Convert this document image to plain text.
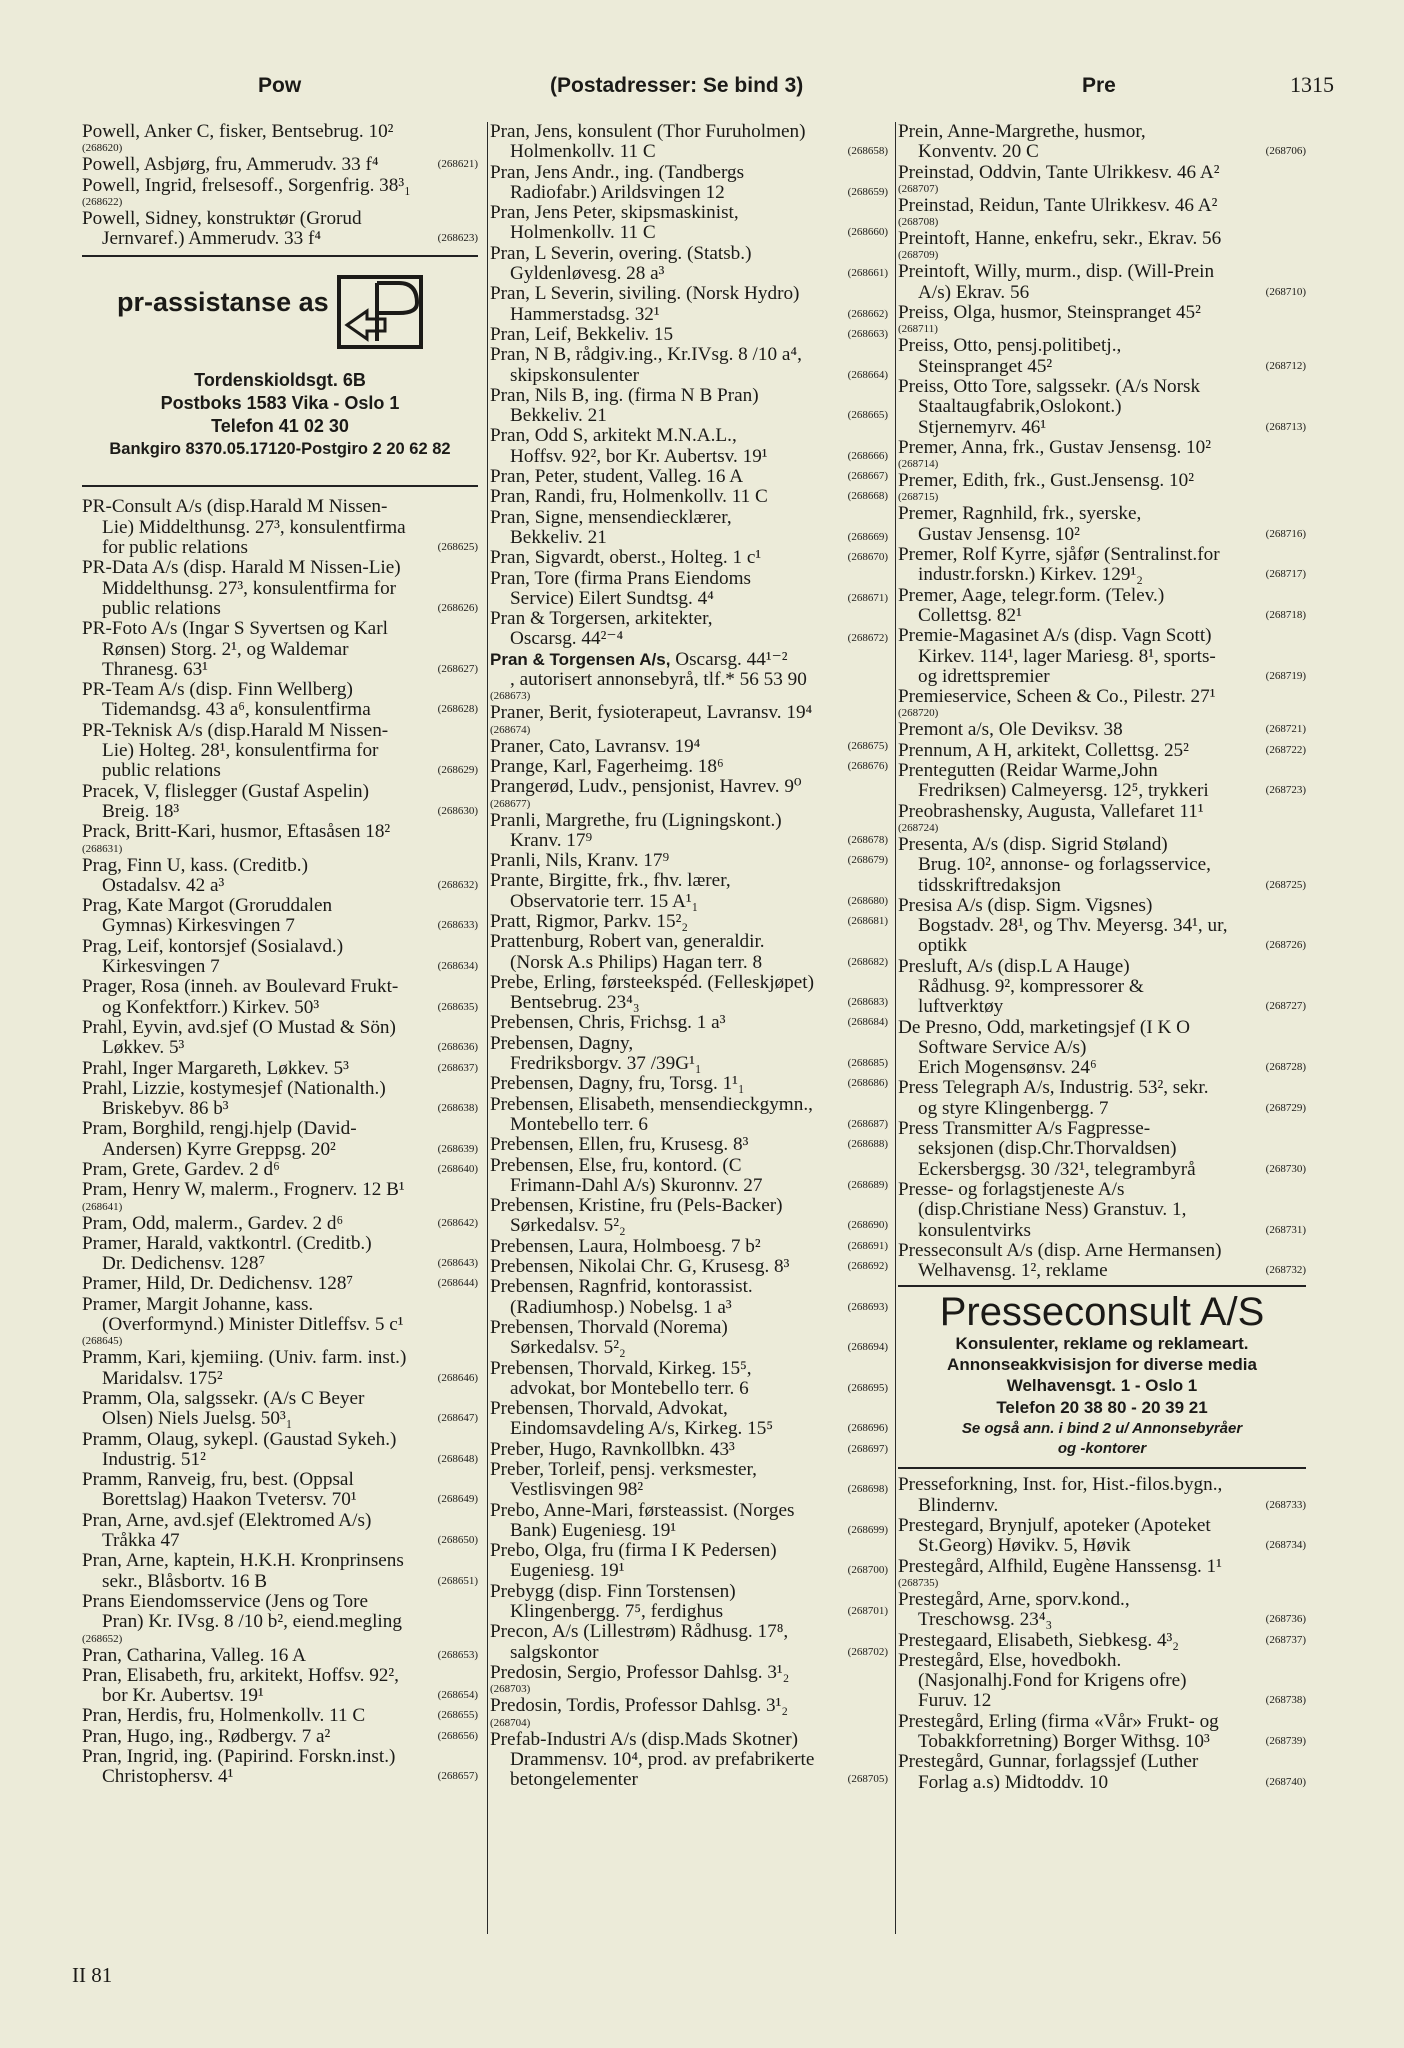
Pow	(Postadresser: Se bind 3)	Pre	1315
Powell, Anker C, fisker, Bentsebrug. 10²
(268620)
Powell, Asbjørg, fru, Ammerudv. 33 f⁴	(268621)
Powell, Ingrid, frelsesoff., Sorgenfrig. 38³₁
(268622)
Powell, Sidney, konstruktør (Grorud
Jernvaref.) Ammerudv. 33 f⁴	(268623)
pr-assistanse as
Tordenskioldsgt. 6B
Postboks 1583 Vika - Oslo 1
Telefon 41 02 30
Bankgiro 8370.05.17120-Postgiro 2 20 62 82
PR-Consult A/s (disp.Harald M Nissen-
Lie) Middelthunsg. 27³, konsulentfirma
for public relations	(268625)
PR-Data A/s (disp. Harald M Nissen-Lie)
Middelthunsg. 27³, konsulentfirma for
public relations	(268626)
PR-Foto A/s (Ingar S Syvertsen og Karl
Rønsen) Storg. 2¹, og Waldemar
Thranesg. 63¹	(268627)
PR-Team A/s (disp. Finn Wellberg)
Tidemandsg. 43 a⁶, konsulentfirma	(268628)
PR-Teknisk A/s (disp.Harald M Nissen-
Lie) Holteg. 28¹, konsulentfirma for
public relations	(268629)
Pracek, V, flislegger (Gustaf Aspelin)
Breig. 18³	(268630)
Prack, Britt-Kari, husmor, Eftasåsen 18²
(268631)
Prag, Finn U, kass. (Creditb.)
Ostadalsv. 42 a³	(268632)
Prag, Kate Margot (Groruddalen
Gymnas) Kirkesvingen 7	(268633)
Prag, Leif, kontorsjef (Sosialavd.)
Kirkesvingen 7	(268634)
Prager, Rosa (inneh. av Boulevard Frukt-
og Konfektforr.) Kirkev. 50³	(268635)
Prahl, Eyvin, avd.sjef (O Mustad & Sön)
Løkkev. 5³	(268636)
Prahl, Inger Margareth, Løkkev. 5³	(268637)
Prahl, Lizzie, kostymesjef (Nationalth.)
Briskebyv. 86 b³	(268638)
Pram, Borghild, rengj.hjelp (David-
Andersen) Kyrre Greppsg. 20²	(268639)
Pram, Grete, Gardev. 2 d⁶	(268640)
Pram, Henry W, malerm., Frognerv. 12 B¹
(268641)
Pram, Odd, malerm., Gardev. 2 d⁶	(268642)
Pramer, Harald, vaktkontrl. (Creditb.)
Dr. Dedichensv. 128⁷	(268643)
Pramer, Hild, Dr. Dedichensv. 128⁷	(268644)
Pramer, Margit Johanne, kass.
(Overformynd.) Minister Ditleffsv. 5 c¹
(268645)
Pramm, Kari, kjemiing. (Univ. farm. inst.)
Maridalsv. 175²	(268646)
Pramm, Ola, salgssekr. (A/s C Beyer
Olsen) Niels Juelsg. 50³₁	(268647)
Pramm, Olaug, sykepl. (Gaustad Sykeh.)
Industrig. 51²	(268648)
Pramm, Ranveig, fru, best. (Oppsal
Borettslag) Haakon Tvetersv. 70¹	(268649)
Pran, Arne, avd.sjef (Elektromed A/s)
Tråkka 47	(268650)
Pran, Arne, kaptein, H.K.H. Kronprinsens
sekr., Blåsbortv. 16 B	(268651)
Prans Eiendomsservice (Jens og Tore
Pran) Kr. IVsg. 8 /10 b², eiend.megling
(268652)
Pran, Catharina, Valleg. 16 A	(268653)
Pran, Elisabeth, fru, arkitekt, Hoffsv. 92²,
bor Kr. Aubertsv. 19¹	(268654)
Pran, Herdis, fru, Holmenkollv. 11 C	(268655)
Pran, Hugo, ing., Rødbergv. 7 a²	(268656)
Pran, Ingrid, ing. (Papirind. Forskn.inst.)
Christophersv. 4¹	(268657)
Pran, Jens, konsulent (Thor Furuholmen)
Holmenkollv. 11 C	(268658)
Pran, Jens Andr., ing. (Tandbergs
Radiofabr.) Arildsvingen 12	(268659)
Pran, Jens Peter, skipsmaskinist,
Holmenkollv. 11 C	(268660)
Pran, L Severin, overing. (Statsb.)
Gyldenløvesg. 28 a³	(268661)
Pran, L Severin, siviling. (Norsk Hydro)
Hammerstadsg. 32¹	(268662)
Pran, Leif, Bekkeliv. 15	(268663)
Pran, N B, rådgiv.ing., Kr.IVsg. 8 /10 a⁴,
skipskonsulenter	(268664)
Pran, Nils B, ing. (firma N B Pran)
Bekkeliv. 21	(268665)
Pran, Odd S, arkitekt M.N.A.L.,
Hoffsv. 92², bor Kr. Aubertsv. 19¹	(268666)
Pran, Peter, student, Valleg. 16 A	(268667)
Pran, Randi, fru, Holmenkollv. 11 C	(268668)
Pran, Signe, mensendiecklærer,
Bekkeliv. 21	(268669)
Pran, Sigvardt, oberst., Holteg. 1 c¹	(268670)
Pran, Tore (firma Prans Eiendoms
Service) Eilert Sundtsg. 4⁴	(268671)
Pran & Torgersen, arkitekter,
Oscarsg. 44²⁻⁴	(268672)
Pran & Torgensen A/s, Oscarsg. 44¹⁻²
, autorisert annonsebyrå, tlf.* 56 53 90
(268673)
Praner, Berit, fysioterapeut, Lavransv. 19⁴
(268674)
Praner, Cato, Lavransv. 19⁴	(268675)
Prange, Karl, Fagerheimg. 18⁶	(268676)
Prangerød, Ludv., pensjonist, Havrev. 9⁰
(268677)
Pranli, Margrethe, fru (Ligningskont.)
Kranv. 17⁹	(268678)
Pranli, Nils, Kranv. 17⁹	(268679)
Prante, Birgitte, frk., fhv. lærer,
Observatorie terr. 15 A¹₁	(268680)
Pratt, Rigmor, Parkv. 15²₂	(268681)
Prattenburg, Robert van, generaldir.
(Norsk A.s Philips) Hagan terr. 8	(268682)
Prebe, Erling, førsteekspéd. (Felleskjøpet)
Bentsebrug. 23⁴₃	(268683)
Prebensen, Chris, Frichsg. 1 a³	(268684)
Prebensen, Dagny,
Fredriksborgv. 37 /39G¹₁	(268685)
Prebensen, Dagny, fru, Torsg. 1¹₁	(268686)
Prebensen, Elisabeth, mensendieckgymn.,
Montebello terr. 6	(268687)
Prebensen, Ellen, fru, Krusesg. 8³	(268688)
Prebensen, Else, fru, kontord. (C
Frimann-Dahl A/s) Skuronnv. 27	(268689)
Prebensen, Kristine, fru (Pels-Backer)
Sørkedalsv. 5²₂	(268690)
Prebensen, Laura, Holmboesg. 7 b²	(268691)
Prebensen, Nikolai Chr. G, Krusesg. 8³	(268692)
Prebensen, Ragnfrid, kontorassist.
(Radiumhosp.) Nobelsg. 1 a³	(268693)
Prebensen, Thorvald (Norema)
Sørkedalsv. 5²₂	(268694)
Prebensen, Thorvald, Kirkeg. 15⁵,
advokat, bor Montebello terr. 6	(268695)
Prebensen, Thorvald, Advokat,
Eindomsavdeling A/s, Kirkeg. 15⁵	(268696)
Preber, Hugo, Ravnkollbkn. 43³	(268697)
Preber, Torleif, pensj. verksmester,
Vestlisvingen 98²	(268698)
Prebo, Anne-Mari, førsteassist. (Norges
Bank) Eugeniesg. 19¹	(268699)
Prebo, Olga, fru (firma I K Pedersen)
Eugeniesg. 19¹	(268700)
Prebygg (disp. Finn Torstensen)
Klingenbergg. 7⁵, ferdighus	(268701)
Precon, A/s (Lillestrøm) Rådhusg. 17⁸,
salgskontor	(268702)
Predosin, Sergio, Professor Dahlsg. 3¹₂
(268703)
Predosin, Tordis, Professor Dahlsg. 3¹₂
(268704)
Prefab-Industri A/s (disp.Mads Skotner)
Drammensv. 10⁴, prod. av prefabrikerte
betongelementer	(268705)
Prein, Anne-Margrethe, husmor,
Konventv. 20 C	(268706)
Preinstad, Oddvin, Tante Ulrikkesv. 46 A²
(268707)
Preinstad, Reidun, Tante Ulrikkesv. 46 A²
(268708)
Preintoft, Hanne, enkefru, sekr., Ekrav. 56
(268709)
Preintoft, Willy, murm., disp. (Will-Prein
A/s) Ekrav. 56	(268710)
Preiss, Olga, husmor, Steinspranget 45²
(268711)
Preiss, Otto, pensj.politibetj.,
Steinspranget 45²	(268712)
Preiss, Otto Tore, salgssekr. (A/s Norsk
Staaltaugfabrik,Oslokont.)
Stjernemyrv. 46¹	(268713)
Premer, Anna, frk., Gustav Jensensg. 10²
(268714)
Premer, Edith, frk., Gust.Jensensg. 10²
(268715)
Premer, Ragnhild, frk., syerske,
Gustav Jensensg. 10²	(268716)
Premer, Rolf Kyrre, sjåfør (Sentralinst.for
industr.forskn.) Kirkev. 129¹₂	(268717)
Premer, Aage, telegr.form. (Telev.)
Collettsg. 82¹	(268718)
Premie-Magasinet A/s (disp. Vagn Scott)
Kirkev. 114¹, lager Mariesg. 8¹, sports-
og idrettspremier	(268719)
Premieservice, Scheen & Co., Pilestr. 27¹
(268720)
Premont a/s, Ole Deviksv. 38	(268721)
Prennum, A H, arkitekt, Collettsg. 25²	(268722)
Prentegutten (Reidar Warme,John
Fredriksen) Calmeyersg. 12⁵, trykkeri	(268723)
Preobrashensky, Augusta, Vallefaret 11¹
(268724)
Presenta, A/s (disp. Sigrid Støland)
Brug. 10², annonse- og forlagsservice,
tidsskriftredaksjon	(268725)
Presisa A/s (disp. Sigm. Vigsnes)
Bogstadv. 28¹, og Thv. Meyersg. 34¹, ur,
optikk	(268726)
Presluft, A/s (disp.L A Hauge)
Rådhusg. 9², kompressorer &
luftverktøy	(268727)
De Presno, Odd, marketingsjef (I K O
Software Service A/s)
Erich Mogensønsv. 24⁶	(268728)
Press Telegraph A/s, Industrig. 53², sekr.
og styre Klingenbergg. 7	(268729)
Press Transmitter A/s Fagpresse-
seksjonen (disp.Chr.Thorvaldsen)
Eckersbergsg. 30 /32¹, telegrambyrå	(268730)
Presse- og forlagstjeneste A/s
(disp.Christiane Ness) Granstuv. 1,
konsulentvirks	(268731)
Presseconsult A/s (disp. Arne Hermansen)
Welhavensg. 1², reklame	(268732)
Presseconsult A/S
Konsulenter, reklame og reklameart.
Annonseakkvisisjon for diverse media
Welhavensgt. 1 - Oslo 1
Telefon 20 38 80 - 20 39 21
Se også ann. i bind 2 u/ Annonsebyråer
og -kontorer
Presseforkning, Inst. for, Hist.-filos.bygn.,
Blindernv.	(268733)
Prestegard, Brynjulf, apoteker (Apoteket
St.Georg) Høvikv. 5, Høvik	(268734)
Prestegård, Alfhild, Eugène Hanssensg. 1¹
(268735)
Prestegård, Arne, sporv.kond.,
Treschowsg. 23⁴₃	(268736)
Prestegaard, Elisabeth, Siebkesg. 4³₂	(268737)
Prestegård, Else, hovedbokh.
(Nasjonalhj.Fond for Krigens ofre)
Furuv. 12	(268738)
Prestegård, Erling (firma «Vår» Frukt- og
Tobakkforretning) Borger Withsg. 10³	(268739)
Prestegård, Gunnar, forlagssjef (Luther
Forlag a.s) Midtoddv. 10	(268740)
II 81
